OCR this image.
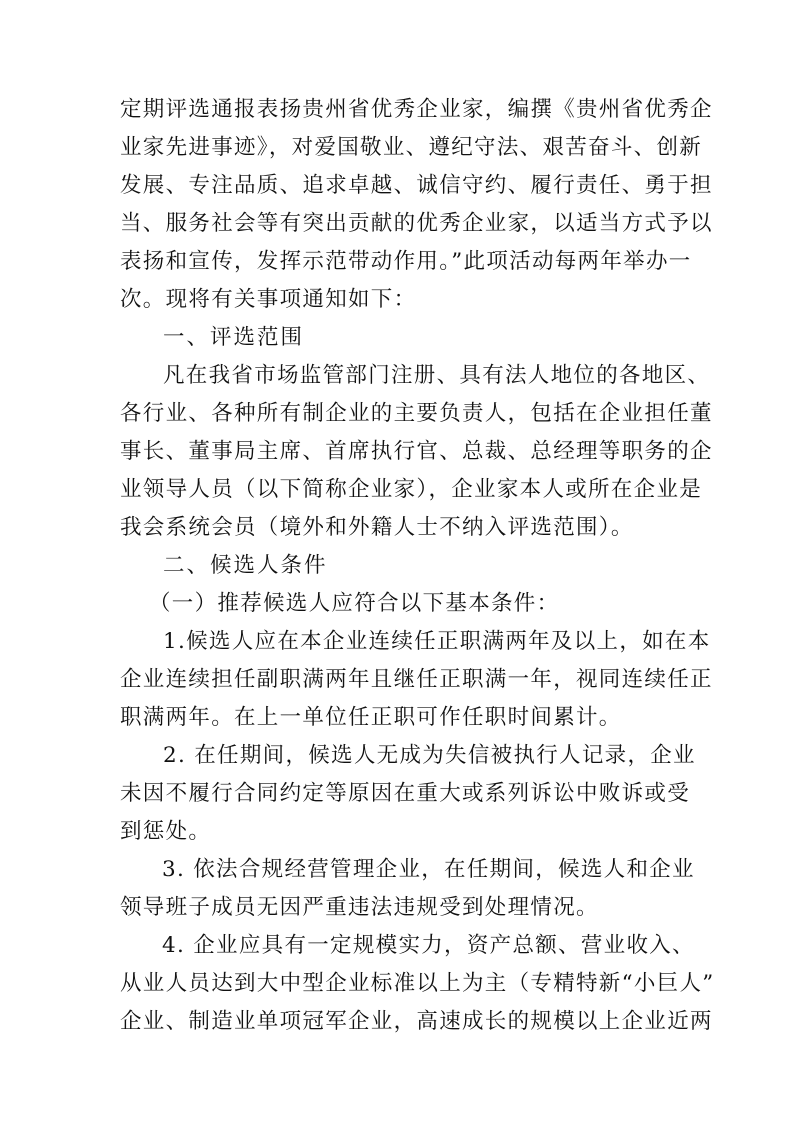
定期评选通报表扬贵州省优秀企业家，编撰《贵州省优秀企
业家先进事迹》，对爱国敬业、遵纪守法、艰苦奋斗、创新
发展、专注品质、追求卓越、诚信守约、履行责任、勇于担
当、服务社会等有突出贡献的优秀企业家，以适当方式予以
表扬和宣传，发挥示范带动作用。”此项活动每两年举办一
次。现将有关事项通知如下：
一、评选范围
凡在我省市场监管部门注册、具有法人地位的各地区、
各行业、各种所有制企业的主要负责人，包括在企业担任董
事长、董事局主席、首席执行官、总裁、总经理等职务的企
业领导人员（以下简称企业家），企业家本人或所在企业是
我会系统会员（境外和外籍人士不纳入评选范围）。
二、候选人条件
（一）推荐候选人应符合以下基本条件：
1.候选人应在本企业连续任正职满两年及以上，如在本
企业连续担任副职满两年且继任正职满一年，视同连续任正
职满两年。在上一单位任正职可作任职时间累计。
2. 在任期间，候选人无成为失信被执行人记录，企业
未因不履行合同约定等原因在重大或系列诉讼中败诉或受
到惩处。
3. 依法合规经营管理企业，在任期间，候选人和企业
领导班子成员无因严重违法违规受到处理情况。
4. 企业应具有一定规模实力，资产总额、营业收入、
从业人员达到大中型企业标准以上为主（专精特新“小巨人”
企业、制造业单项冠军企业，高速成长的规模以上企业近两
